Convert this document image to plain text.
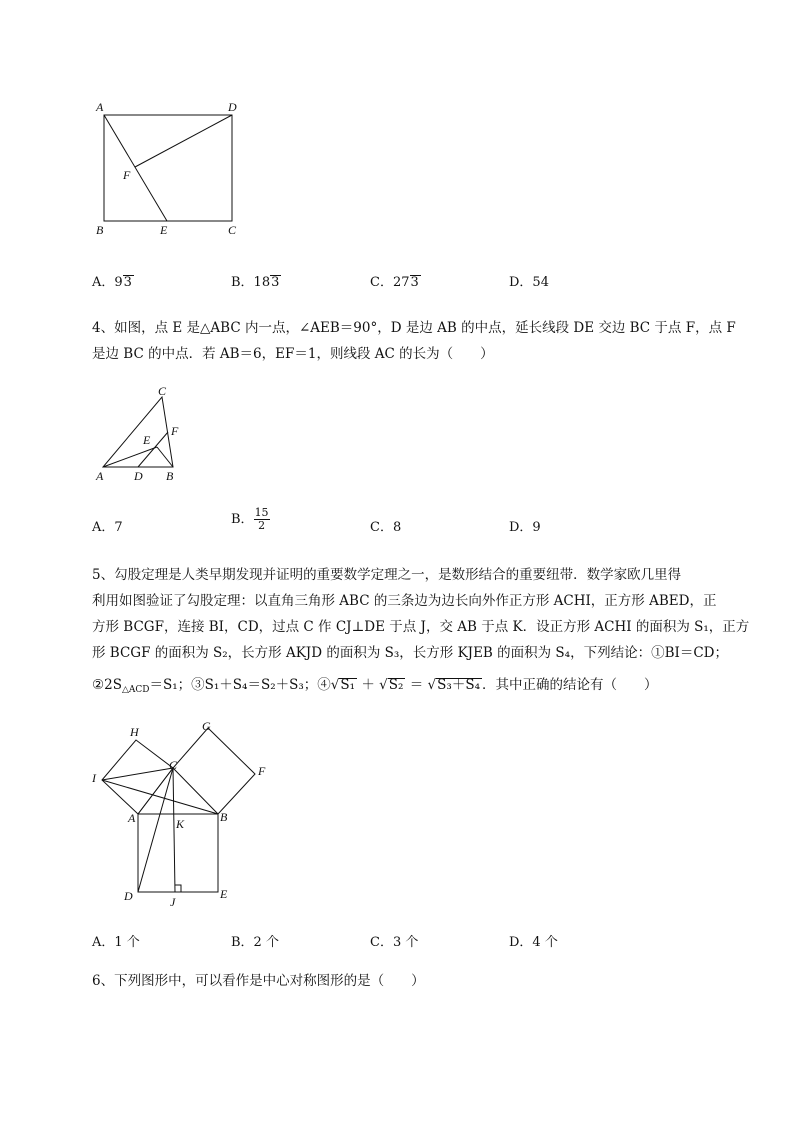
A	D
F
B	E	C
A．93	B．183	C．273	D．54
4、如图，点 E 是△ABC 内一点，∠AEB＝90°，D 是边 AB 的中点，延长线段 DE 交边 BC 于点 F，点 F
是边 BC 的中点．若 AB＝6，EF＝1，则线段 AC 的长为（　　）
C
E
F
A	D B
A．7
B． $\frac{15}{2}$	C．8	D．9
5、勾股定理是人类早期发现并证明的重要数学定理之一，是数形结合的重要纽带．数学家欧几里得
利用如图验证了勾股定理：以直角三角形 ABC 的三条边为边长向外作正方形 ACHI，正方形 ABED，正
方形 BCGF，连接 BI，CD，过点 C 作 CJ⊥DE 于点 J，交 AB 于点 K．设正方形 ACHI 的面积为 S₁，正方
形 BCGF 的面积为 S₂，长方形 AKJD 的面积为 S₃，长方形 KJEB 的面积为 S₄，下列结论：①BI＝CD；
$②2S_{\triangle ACD}=S_1$；③S₁＋S₄＝S₂＋S₃；④√S₁ ＋ √S₂ ＝ √S₃＋S₄ ．其中正确的结论有（　　）
H	G
C	F
I
A	K	B
D	J
E
A．1 个	B．2 个	C．3 个	D．4 个
6、下列图形中，可以看作是中心对称图形的是（　　）
